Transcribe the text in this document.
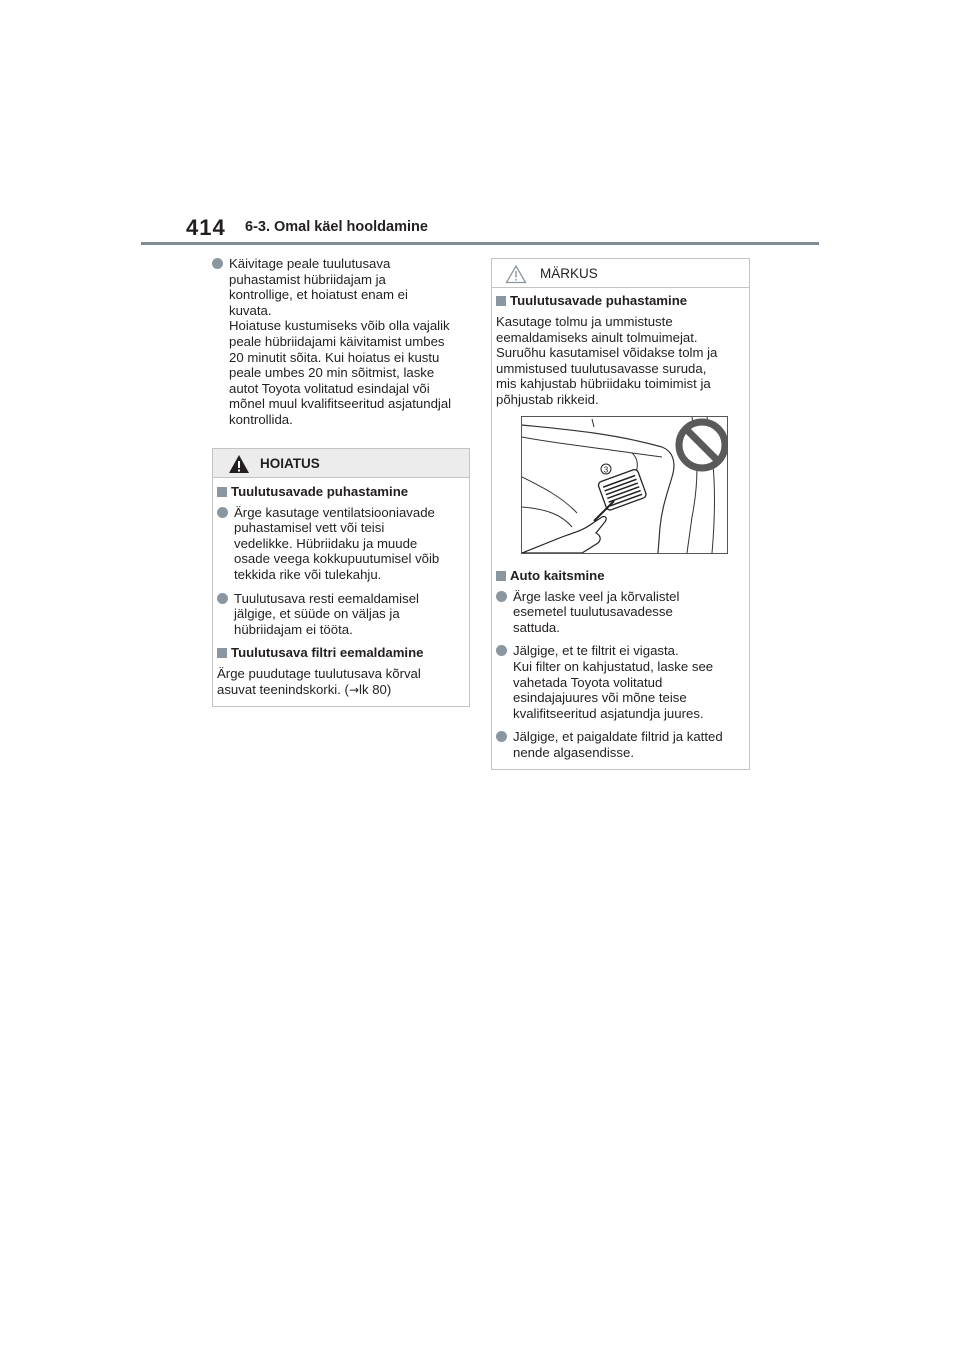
414 6-3. Omal käel hooldamine
Käivitage peale tuulutusava
puhastamist hübriidajam ja
kontrollige, et hoiatust enam ei
kuvata.
Hoiatuse kustumiseks võib olla vajalik
peale hübriidajami käivitamist umbes
20 minutit sõita. Kui hoiatus ei kustu
peale umbes 20 min sõitmist, laske
autot Toyota volitatud esindajal või
mõnel muul kvalifitseeritud asjatundjal
kontrollida.
HOIATUS
Tuulutusavade puhastamine
Ärge kasutage ventilatsiooniavade
puhastamisel vett või teisi
vedelikke. Hübriidaku ja muude
osade veega kokkupuutumisel võib
tekkida rike või tulekahju.
Tuulutusava resti eemaldamisel
jälgige, et süüde on väljas ja
hübriidajam ei tööta.
Tuulutusava filtri eemaldamine
Ärge puudutage tuulutusava kõrval
asuvat teenindskorki. (→lk 80)
MÄRKUS
Tuulutusavade puhastamine
Kasutage tolmu ja ummistuste
eemaldamiseks ainult tolmuimejat.
Suruõhu kasutamisel võidakse tolm ja
ummistused tuulutusavasse suruda,
mis kahjustab hübriidaku toimimist ja
põhjustab rikkeid.
3
Auto kaitsmine
Ärge laske veel ja kõrvalistel
esemetel tuulutusavadesse
sattuda.
Jälgige, et te filtrit ei vigasta.
Kui filter on kahjustatud, laske see
vahetada Toyota volitatud
esindajajuures või mõne teise
kvalifitseeritud asjatundja juures.
Jälgige, et paigaldate filtrid ja katted
nende algasendisse.
